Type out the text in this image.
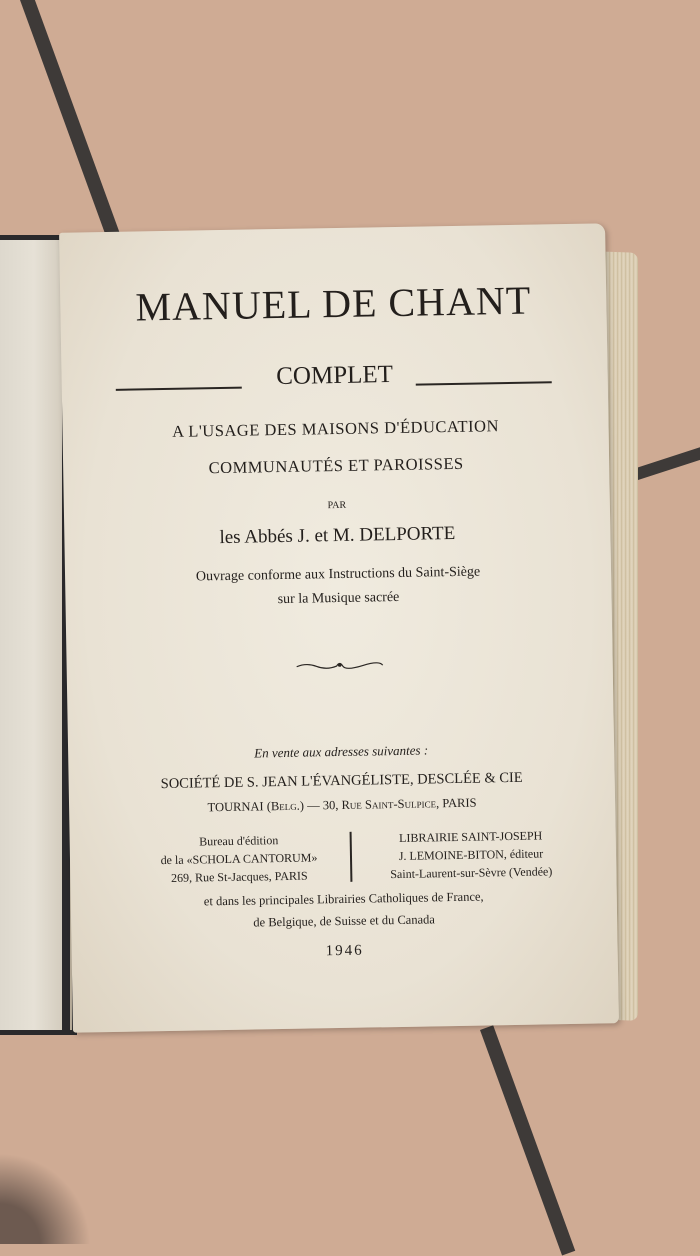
MANUEL DE CHANT
COMPLET
A L'USAGE DES MAISONS D'ÉDUCATION
COMMUNAUTÉS ET PAROISSES
PAR
les Abbés J. et M. DELPORTE
Ouvrage conforme aux Instructions du Saint-Siège
sur la Musique sacrée
En vente aux adresses suivantes :
SOCIÉTÉ DE S. JEAN L'ÉVANGÉLISTE, DESCLÉE & CIE
TOURNAI (Belg.) — 30, Rue Saint-Sulpice, PARIS
Bureau d'édition
de la «SCHOLA CANTORUM»
269, Rue St-Jacques, PARIS
LIBRAIRIE SAINT-JOSEPH
J. LEMOINE-BITON, éditeur
Saint-Laurent-sur-Sèvre (Vendée)
et dans les principales Librairies Catholiques de France,
de Belgique, de Suisse et du Canada
1946
